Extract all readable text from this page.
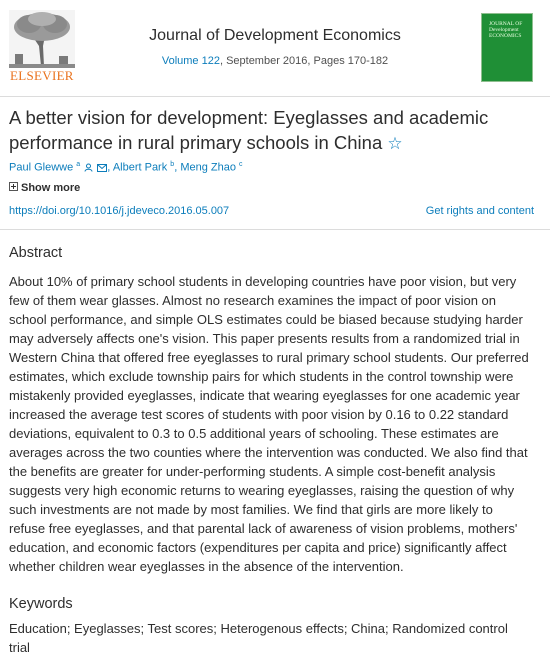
ELSEVIER
Journal of Development Economics
Volume 122, September 2016, Pages 170-182
JOURNAL OF Development ECONOMICS
A better vision for development: Eyeglasses and academic performance in rural primary schools in China ☆
Paul Glewwe $^a$ , Albert Park $^b$, Meng Zhao $^c$
Show more
https://doi.org/10.1016/j.jdeveco.2016.05.007	Get rights and content
Abstract
About 10% of primary school students in developing countries have poor vision, but very
few of them wear glasses. Almost no research examines the impact of poor vision on
school performance, and simple OLS estimates could be biased because studying harder
may adversely affects one's vision. This paper presents results from a randomized trial in
Western China that offered free eyeglasses to rural primary school students. Our preferred
estimates, which exclude township pairs for which students in the control township were
mistakenly provided eyeglasses, indicate that wearing eyeglasses for one academic year
increased the average test scores of students with poor vision by 0.16 to 0.22 standard
deviations, equivalent to 0.3 to 0.5 additional years of schooling. These estimates are
averages across the two counties where the intervention was conducted. We also find that
the benefits are greater for under-performing students. A simple cost-benefit analysis
suggests very high economic returns to wearing eyeglasses, raising the question of why
such investments are not made by most families. We find that girls are more likely to
refuse free eyeglasses, and that parental lack of awareness of vision problems, mothers'
education, and economic factors (expenditures per capita and price) significantly affect
whether children wear eyeglasses in the absence of the intervention.
Keywords
Education; Eyeglasses; Test scores; Heterogenous effects; China; Randomized control
trial
